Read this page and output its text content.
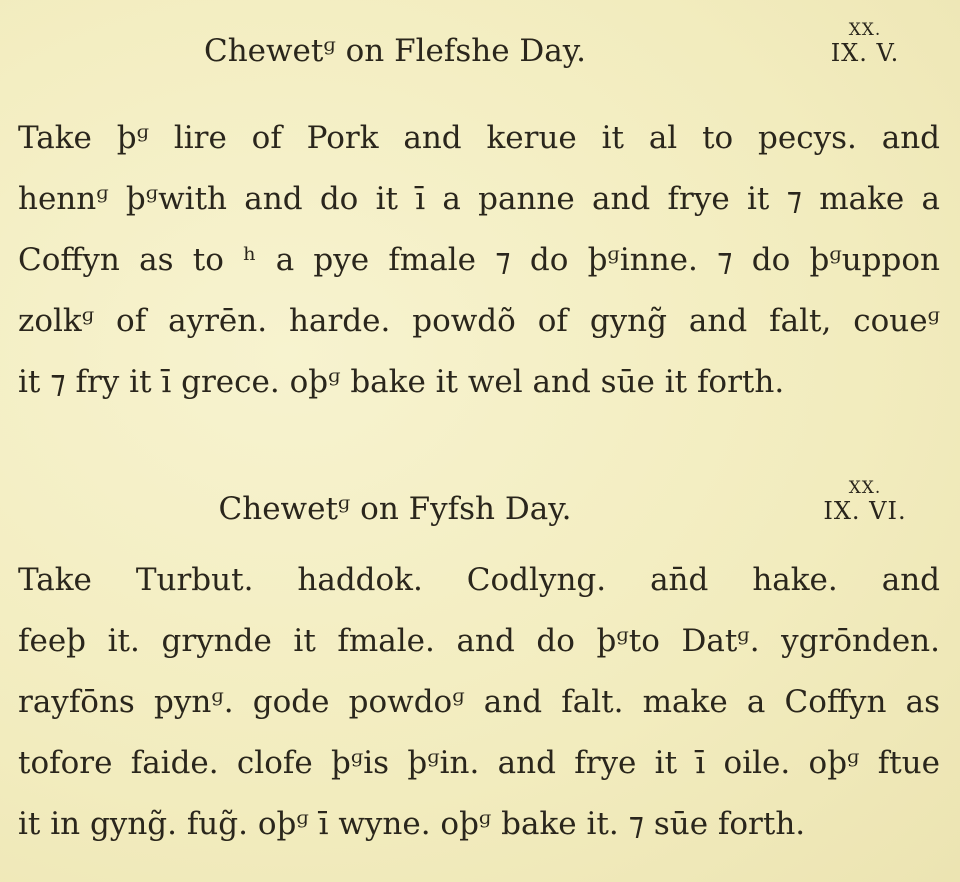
Chewetᶢ on Flefshe Day.
XX.
IX. V.
Take þᶢ lire of Pork and kerue it al to pecys. and
hennᶢ þᶢwith and do it ī a panne and frye it ⁊ make a
Coffyn as to ʰ a pye fmale ⁊ do þᶢinne. ⁊ do þᶢuppon
zolkᶢ of ayrēn. harde. powdõ of gyng̃ and falt, coueᶢ
it ⁊ fry it ī grece. oþᶢ bake it wel and sūe it forth.
Chewetᶢ on Fyfsh Day.
XX.
IX. VI.
Take Turbut. haddok. Codlyng. an̄d hake. and
feeþ it. grynde it fmale. and do þᶢto Datᶢ. ygrōnden.
rayfōns pynᶢ. gode powdoᶢ and falt. make a Coffyn as
tofore faide. clofe þᶢis þᶢin. and frye it ī oile. oþᶢ ftue
it in gyng̃. fug̃. oþᶢ ī wyne. oþᶢ bake it. ⁊ sūe forth.
